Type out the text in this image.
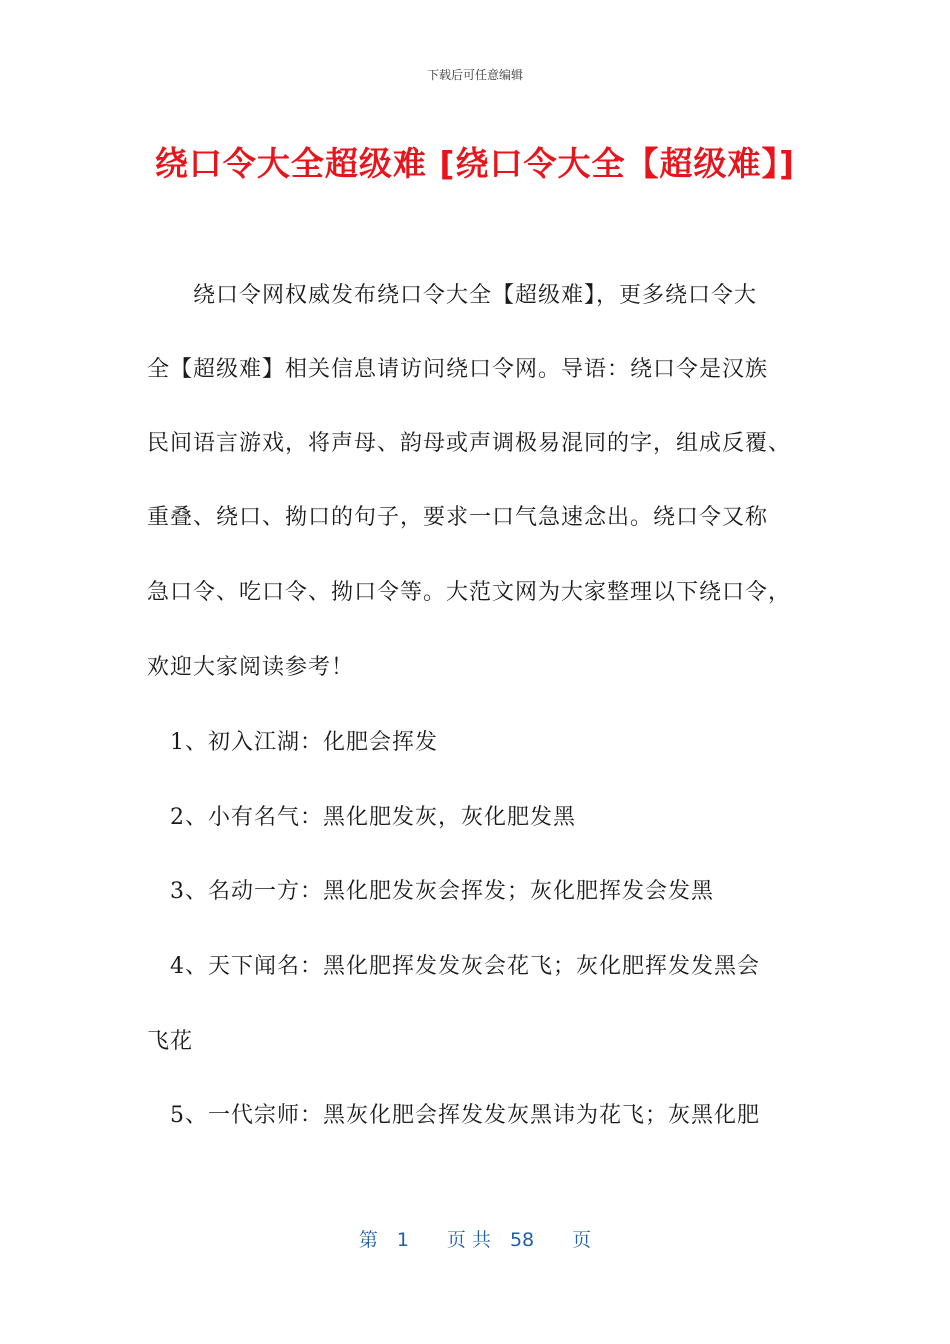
下载后可任意编辑
绕口令大全超级难 [绕口令大全【超级难】]

　　绕口令网权威发布绕口令大全【超级难】，更多绕口令大

全【超级难】相关信息请访问绕口令网。导语：绕口令是汉族

民间语言游戏，将声母、韵母或声调极易混同的字，组成反覆、

重叠、绕口、拗口的句子，要求一口气急速念出。绕口令又称

急口令、吃口令、拗口令等。大范文网为大家整理以下绕口令，

欢迎大家阅读参考！

　1、初入江湖：化肥会挥发

　2、小有名气：黑化肥发灰，灰化肥发黑

　3、名动一方：黑化肥发灰会挥发；灰化肥挥发会发黑

　4、天下闻名：黑化肥挥发发灰会花飞；灰化肥挥发发黑会

飞花

　5、一代宗师：黑灰化肥会挥发发灰黑讳为花飞；灰黑化肥

第　1　　页 共　58　　页
